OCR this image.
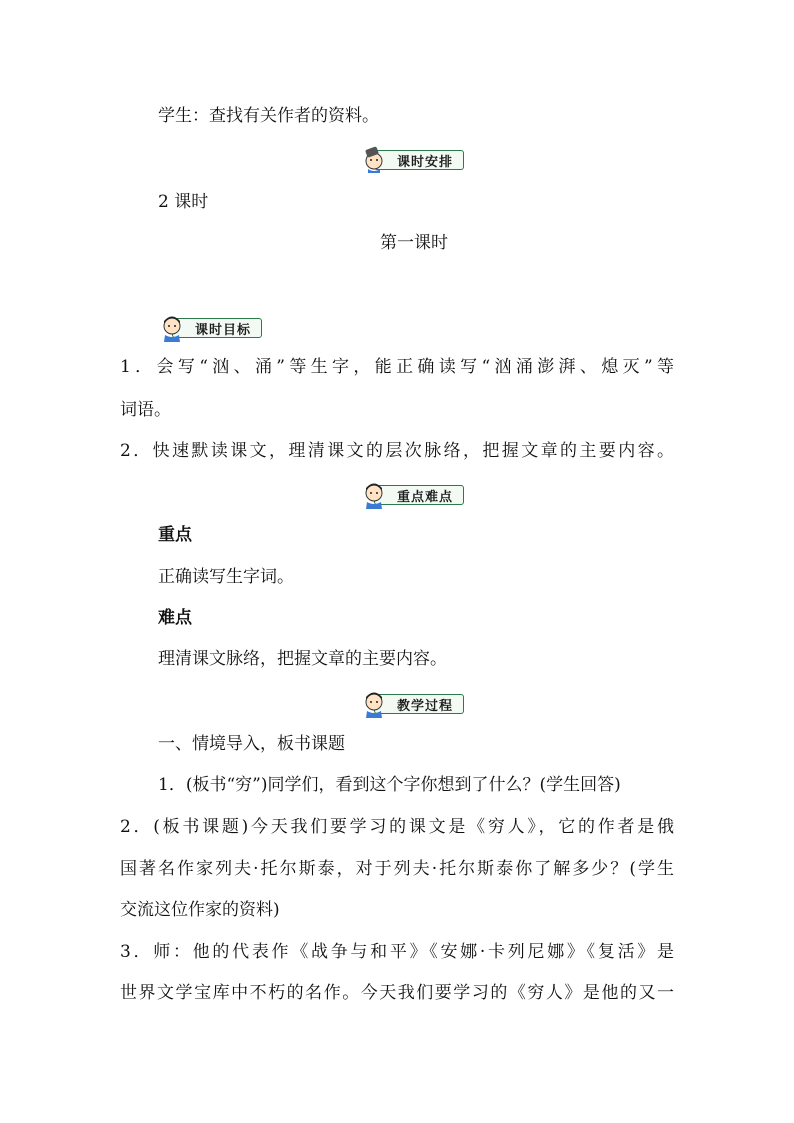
学生：查找有关作者的资料。

课时安排

2 课时

第一课时

课时目标

1．会写“汹、涌”等生字，能正确读写“汹涌澎湃、熄灭”等

词语。

2．快速默读课文，理清课文的层次脉络，把握文章的主要内容。

重点难点

重点

正确读写生字词。

难点

理清课文脉络，把握文章的主要内容。

教学过程

一、情境导入，板书课题

1．(板书“穷”)同学们，看到这个字你想到了什么？(学生回答)

2．(板书课题)今天我们要学习的课文是《穷人》，它的作者是俄

国著名作家列夫·托尔斯泰，对于列夫·托尔斯泰你了解多少？(学生

交流这位作家的资料)

3．师：他的代表作《战争与和平》《安娜·卡列尼娜》《复活》是

世界文学宝库中不朽的名作。今天我们要学习的《穷人》是他的又一
